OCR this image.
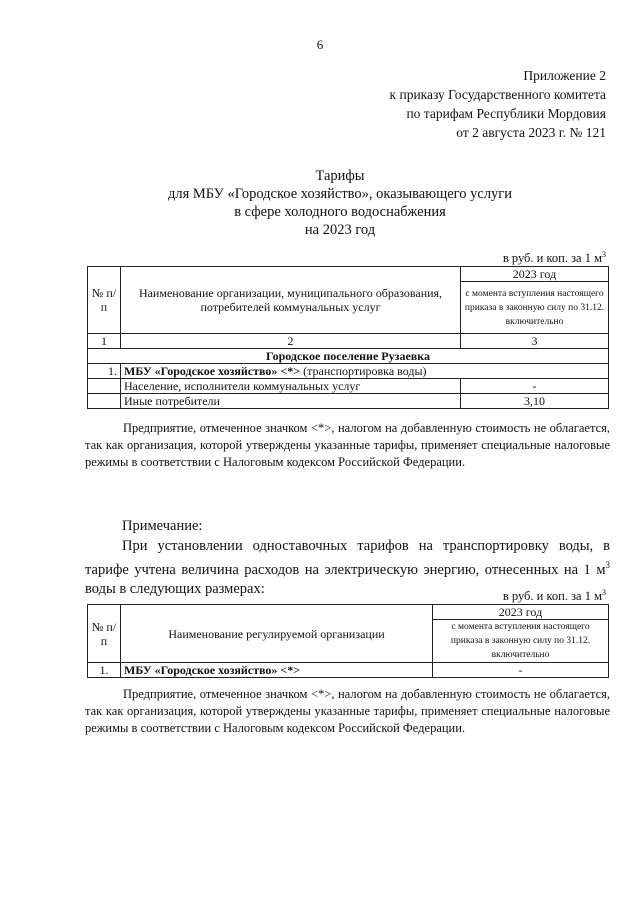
6
Приложение 2
к приказу Государственного комитета
по тарифам Республики Мордовия
от 2 августа 2023 г. № 121
Тарифы
для МБУ «Городское хозяйство», оказывающего услуги
в сфере холодного водоснабжения
на 2023 год
в руб. и коп. за 1 $м^3$
№ п/п	Наименование организации, муниципального образования, потребителей коммунальных услуг	2023 год
		с момента вступления настоящего приказа в законную силу по 31.12. включительно
1	2	3
Городское поселение Рузаевка		
1.	МБУ «Городское хозяйство» <*> (транспортировка воды)	
	Население, исполнители коммунальных услуг	-
	Иные потребители	3,10
Предприятие, отмеченное значком <*>, налогом на добавленную стоимость не облагается, так как организация, которой утверждены указанные тарифы, применяет специальные налоговые режимы в соответствии с Налоговым кодексом Российской Федерации.
Примечание:
При установлении одноставочных тарифов на транспортировку воды, в тарифе учтена величина расходов на электрическую энергию, отнесенных на 1 $м^3$ воды в следующих размерах:	в руб. и коп. за 1 $м^3$
№ п/п	Наименование регулируемой организации	2023 год
		с момента вступления настоящего приказа в законную силу по 31.12. включительно
1.	МБУ «Городское хозяйство» <*>	-
Предприятие, отмеченное значком <*>, налогом на добавленную стоимость не облагается, так как организация, которой утверждены указанные тарифы, применяет специальные налоговые режимы в соответствии с Налоговым кодексом Российской Федерации.
